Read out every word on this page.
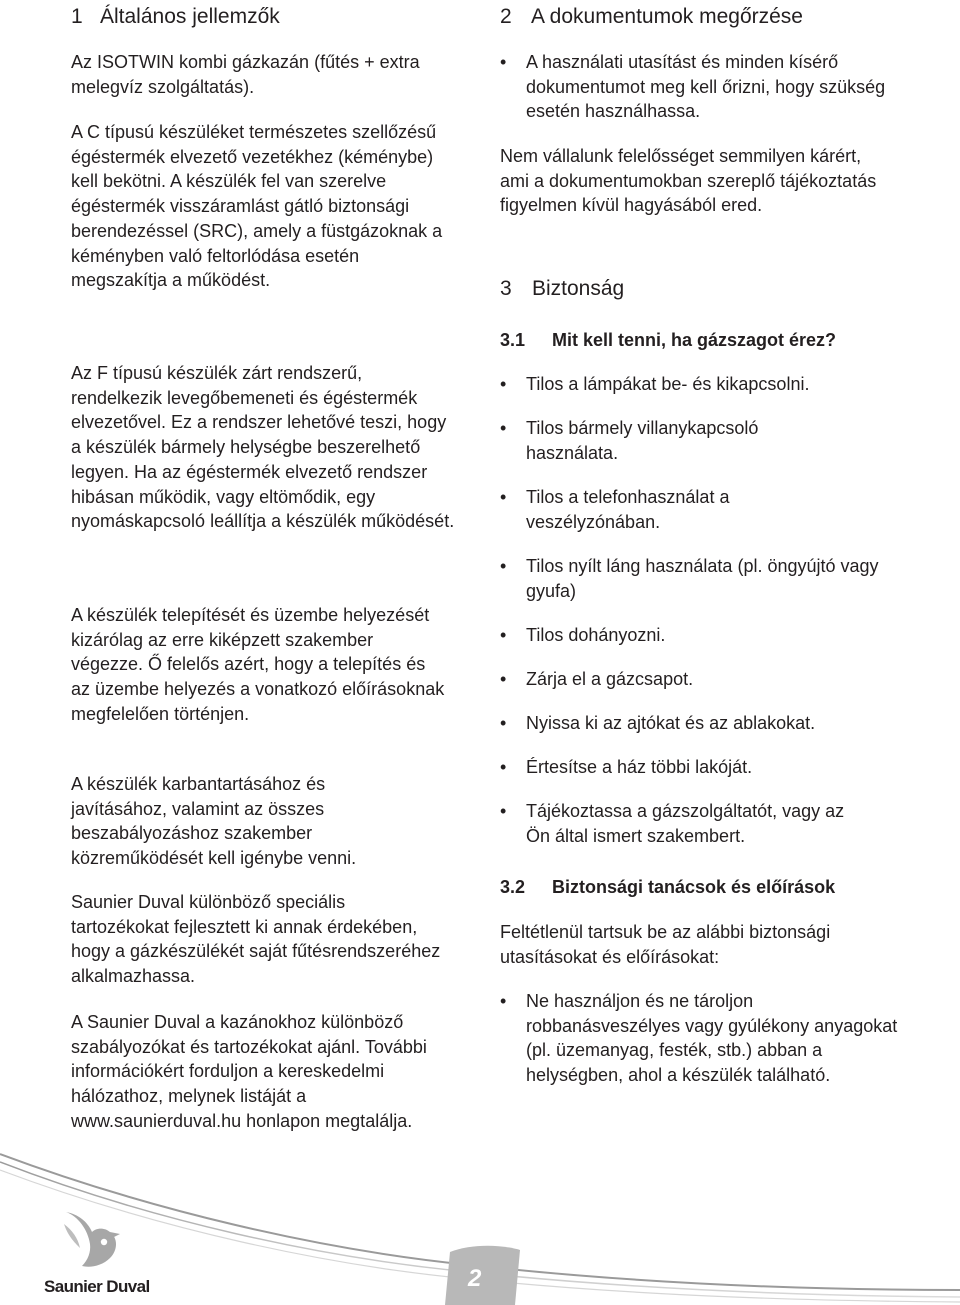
1 Általános jellemzők

Az ISOTWIN kombi gázkazán (fűtés + extra melegvíz szolgáltatás).

A C típusú készüléket természetes szellőzésű égéstermék elvezető vezetékhez (kéménybe) kell bekötni. A készülék fel van szerelve égéstermék visszáramlást gátló biztonsági berendezéssel (SRC), amely a füstgázoknak a kéményben való feltorlódása esetén megszakítja a működést.

Az F típusú készülék zárt rendszerű, rendelkezik levegőbemeneti és égéstermék elvezetővel. Ez a rendszer lehetővé teszi, hogy a készülék bármely helységbe beszerelhető legyen. Ha az égéstermék elvezető rendszer hibásan működik, vagy eltömődik, egy nyomáskapcsoló leállítja a készülék működését.

A készülék telepítését és üzembe helyezését kizárólag az erre kiképzett szakember végezze. Ő felelős azért, hogy a telepítés és az üzembe helyezés a vonatkozó előírásoknak megfelelően történjen.

A készülék karbantartásához és javításához, valamint az összes beszabályozáshoz szakember közreműködését kell igénybe venni.

Saunier Duval különböző speciális tartozékokat fejlesztett ki annak érdekében, hogy a gázkészülékét saját fűtésrendszeréhez alkalmazhassa.

A Saunier Duval a kazánokhoz különböző szabályozókat és tartozékokat ajánl. További információkért forduljon a kereskedelmi hálózathoz, melynek listáját a www.saunierduval.hu honlapon megtalálja.

2 A dokumentumok megőrzése
• A használati utasítást és minden kísérő dokumentumot meg kell őrizni, hogy szükség esetén használhassa.

Nem vállalunk felelősséget semmilyen kárért, ami a dokumentumokban szereplő tájékoztatás figyelmen kívül hagyásából ered.

3 Biztonság
3.1 Mit kell tenni, ha gázszagot érez?
• Tilos a lámpákat be- és kikapcsolni.
• Tilos bármely villanykapcsoló használata.
• Tilos a telefonhasználat a veszélyzónában.
• Tilos nyílt láng használata (pl. öngyújtó vagy gyufa)
• Tilos dohányozni.
• Zárja el a gázcsapot.
• Nyissa ki az ajtókat és az ablakokat.
• Értesítse a ház többi lakóját.
• Tájékoztassa a gázszolgáltatót, vagy az Ön által ismert szakembert.
3.2 Biztonsági tanácsok és előírások

Feltétlenül tartsuk be az alábbi biztonsági utasításokat és előírásokat:

• Ne használjon és ne tároljon robbanásveszélyes vagy gyúlékony anyagokat (pl. üzemanyag, festék, stb.) abban a helységben, ahol a készülék található.
Saunier Duval	2
